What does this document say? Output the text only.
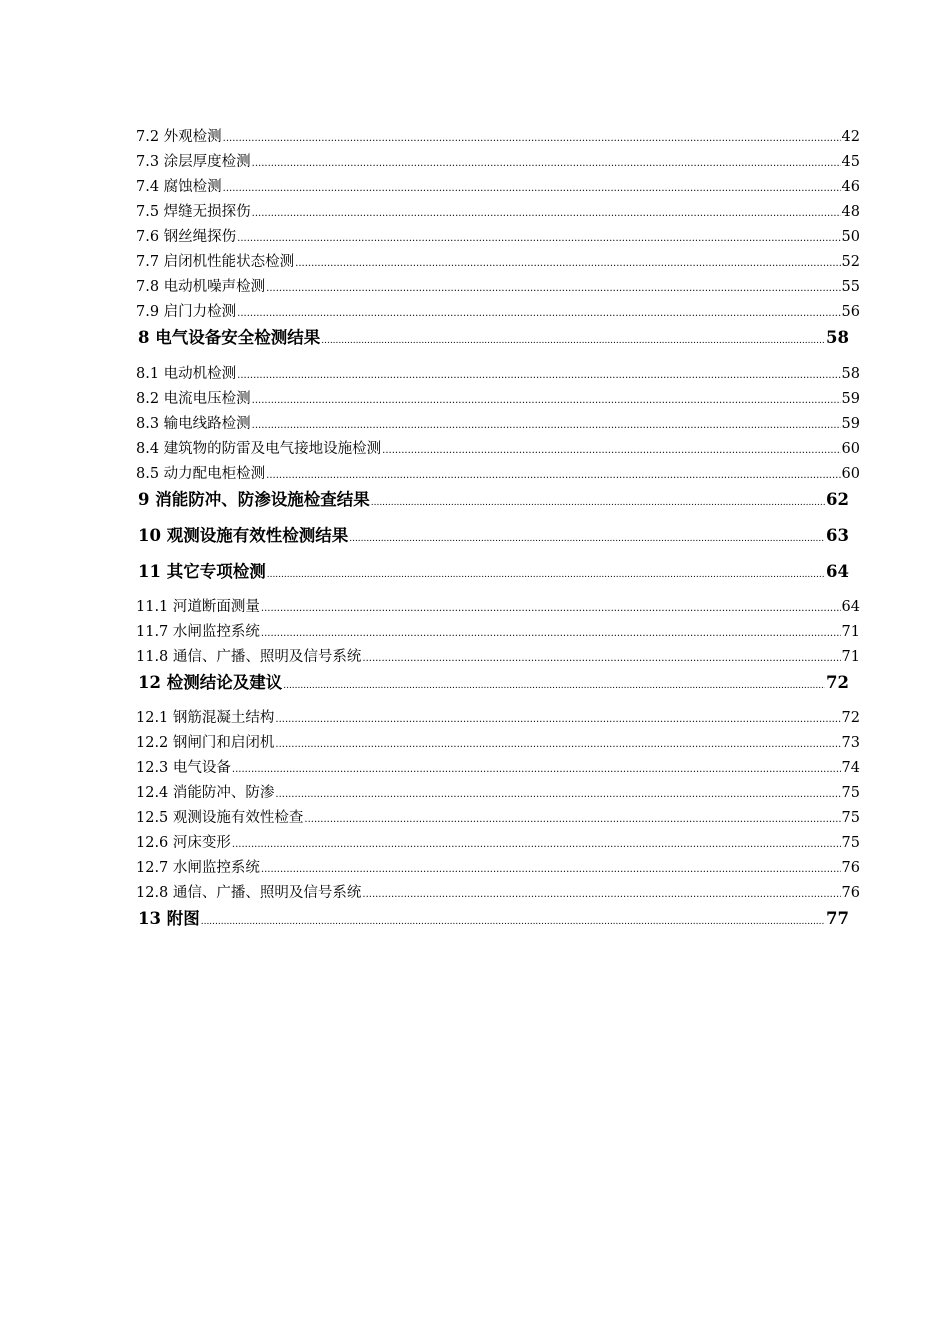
7.2 外观检测 .....	42
7.3 涂层厚度检测 .....	45
7.4 腐蚀检测 .....	46
7.5 焊缝无损探伤 .....	48
7.6 钢丝绳探伤 .....	50
7.7 启闭机性能状态检测 .....	52
7.8 电动机噪声检测 .....	55
7.9 启门力检测 .....	56
8 电气设备安全检测结果 .....	58
8.1 电动机检测 .....	58
8.2 电流电压检测 .....	59
8.3 输电线路检测 .....	59
8.4 建筑物的防雷及电气接地设施检测 .....	60
8.5 动力配电柜检测 .....	60
9 消能防冲、防渗设施检查结果 .....	62
10 观测设施有效性检测结果 .....	63
11 其它专项检测 .....	64
11.1 河道断面测量 .....	64
11.7 水闸监控系统 .....	71
11.8 通信、广播、照明及信号系统 .....	71
12 检测结论及建议 .....	72
12.1 钢筋混凝土结构 .....	72
12.2 钢闸门和启闭机 .....	73
12.3 电气设备 .....	74
12.4 消能防冲、防渗 .....	75
12.5 观测设施有效性检查 .....	75
12.6 河床变形 .....	75
12.7 水闸监控系统 .....	76
12.8 通信、广播、照明及信号系统 .....	76
13 附图 .....	77
